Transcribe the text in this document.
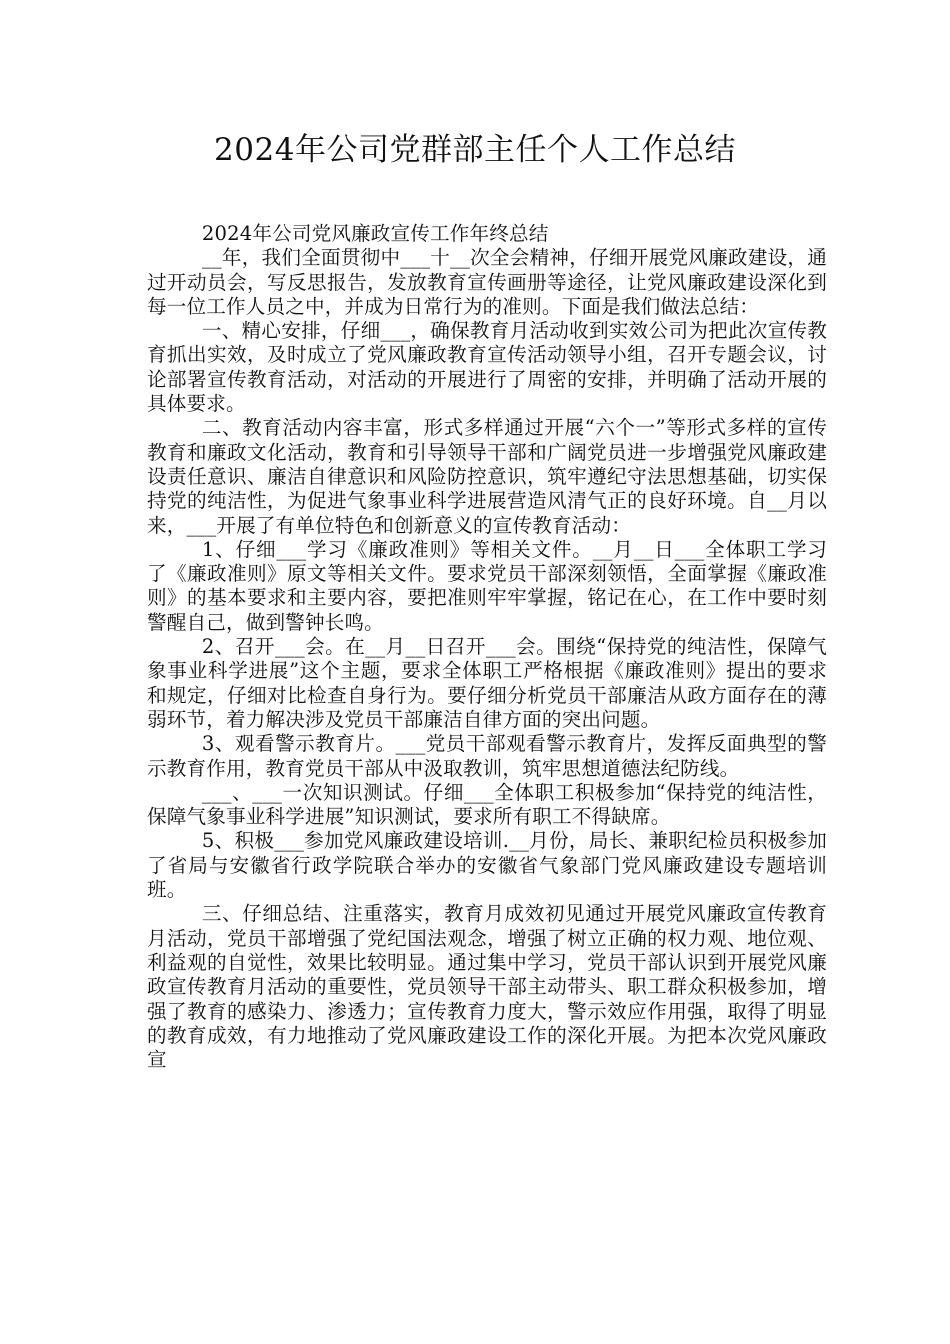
2024年公司党群部主任个人工作总结

2024年公司党风廉政宣传工作年终总结

__年，我们全面贯彻中___十__次全会精神，仔细开展党风廉政建设，通过开动员会，写反思报告，发放教育宣传画册等途径，让党风廉政建设深化到每一位工作人员之中，并成为日常行为的准则。下面是我们做法总结：

一、精心安排，仔细___，确保教育月活动收到实效公司为把此次宣传教育抓出实效，及时成立了党风廉政教育宣传活动领导小组，召开专题会议，讨论部署宣传教育活动，对活动的开展进行了周密的安排，并明确了活动开展的具体要求。

二、教育活动内容丰富，形式多样通过开展“六个一”等形式多样的宣传教育和廉政文化活动，教育和引导领导干部和广阔党员进一步增强党风廉政建设责任意识、廉洁自律意识和风险防控意识，筑牢遵纪守法思想基础，切实保持党的纯洁性，为促进气象事业科学进展营造风清气正的良好环境。自__月以来，___开展了有单位特色和创新意义的宣传教育活动：

1、仔细___学习《廉政准则》等相关文件。__月__日___全体职工学习了《廉政准则》原文等相关文件。要求党员干部深刻领悟，全面掌握《廉政准则》的基本要求和主要内容，要把准则牢牢掌握，铭记在心，在工作中要时刻警醒自己，做到警钟长鸣。

2、召开___会。在__月__日召开___会。围绕“保持党的纯洁性，保障气象事业科学进展”这个主题，要求全体职工严格根据《廉政准则》提出的要求和规定，仔细对比检查自身行为。要仔细分析党员干部廉洁从政方面存在的薄弱环节，着力解决涉及党员干部廉洁自律方面的突出问题。

3、观看警示教育片。___党员干部观看警示教育片，发挥反面典型的警示教育作用，教育党员干部从中汲取教训，筑牢思想道德法纪防线。

___、___一次知识测试。仔细___全体职工积极参加“保持党的纯洁性，保障气象事业科学进展”知识测试，要求所有职工不得缺席。

5、积极___参加党风廉政建设培训.__月份，局长、兼职纪检员积极参加了省局与安徽省行政学院联合举办的安徽省气象部门党风廉政建设专题培训班。

三、仔细总结、注重落实，教育月成效初见通过开展党风廉政宣传教育月活动，党员干部增强了党纪国法观念，增强了树立正确的权力观、地位观、利益观的自觉性，效果比较明显。通过集中学习，党员干部认识到开展党风廉政宣传教育月活动的重要性，党员领导干部主动带头、职工群众积极参加，增强了教育的感染力、渗透力；宣传教育力度大，警示效应作用强，取得了明显的教育成效，有力地推动了党风廉政建设工作的深化开展。为把本次党风廉政宣
